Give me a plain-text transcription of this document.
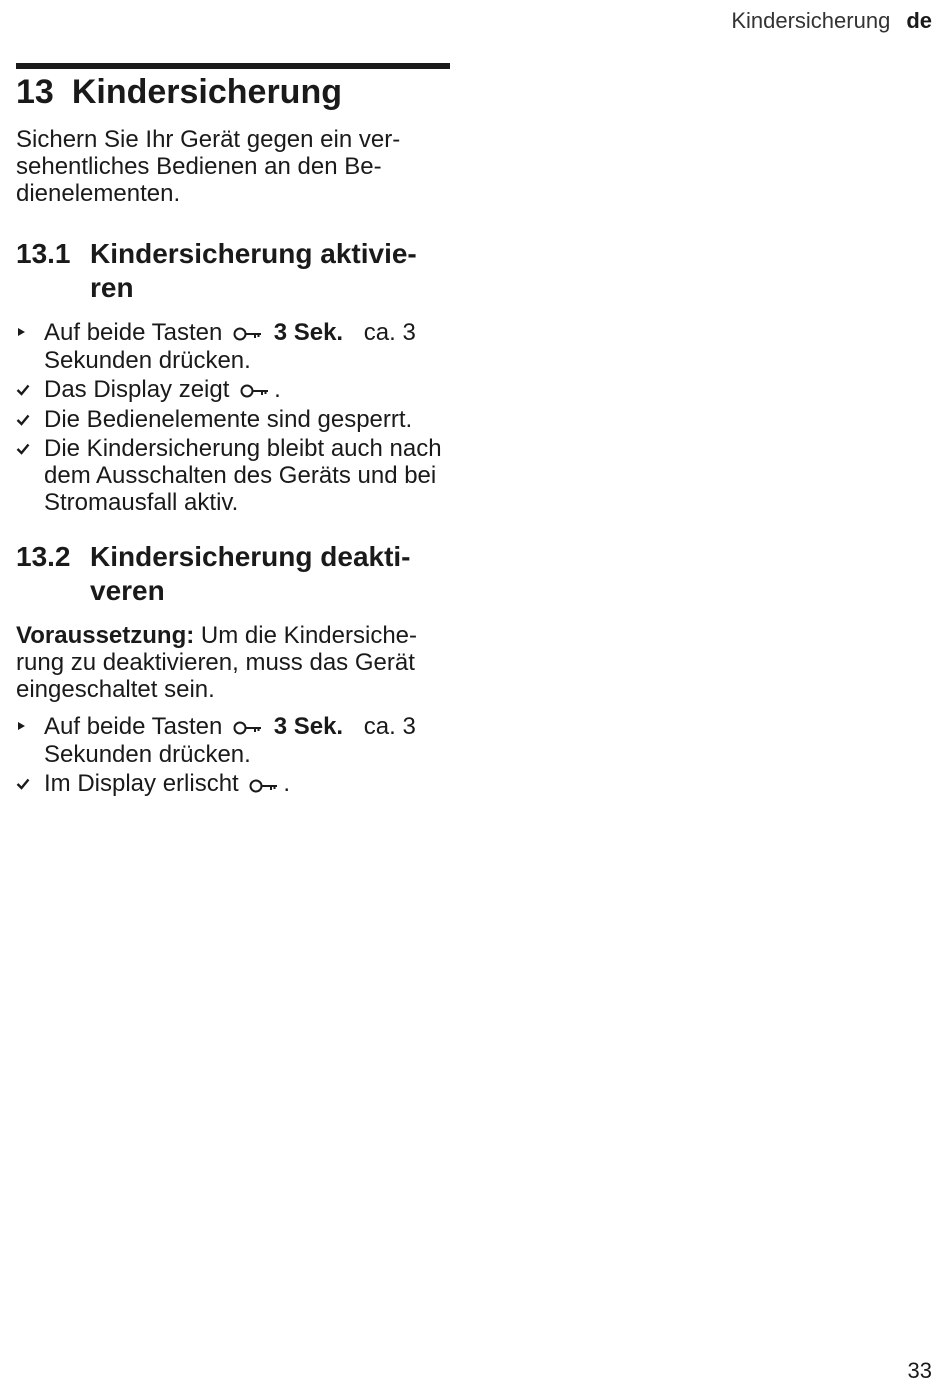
Kindersicherung de
13 Kindersicherung

Sichern Sie Ihr Gerät gegen ein ver-sehentliches Bedienen an den Be-dienelementen.

13.1 Kindersicherung aktivie-ren
Auf beide Tasten 3 Sek. ca. 3 Sekunden drücken.
Das Display zeigt .
Die Bedienelemente sind gesperrt.
Die Kindersicherung bleibt auch nach dem Ausschalten des Geräts und bei Stromausfall aktiv.
13.2 Kindersicherung deakti-veren

Voraussetzung: Um die Kindersiche-rung zu deaktivieren, muss das Gerät eingeschaltet sein.

Auf beide Tasten 3 Sek. ca. 3 Sekunden drücken.
Im Display erlischt .
33
